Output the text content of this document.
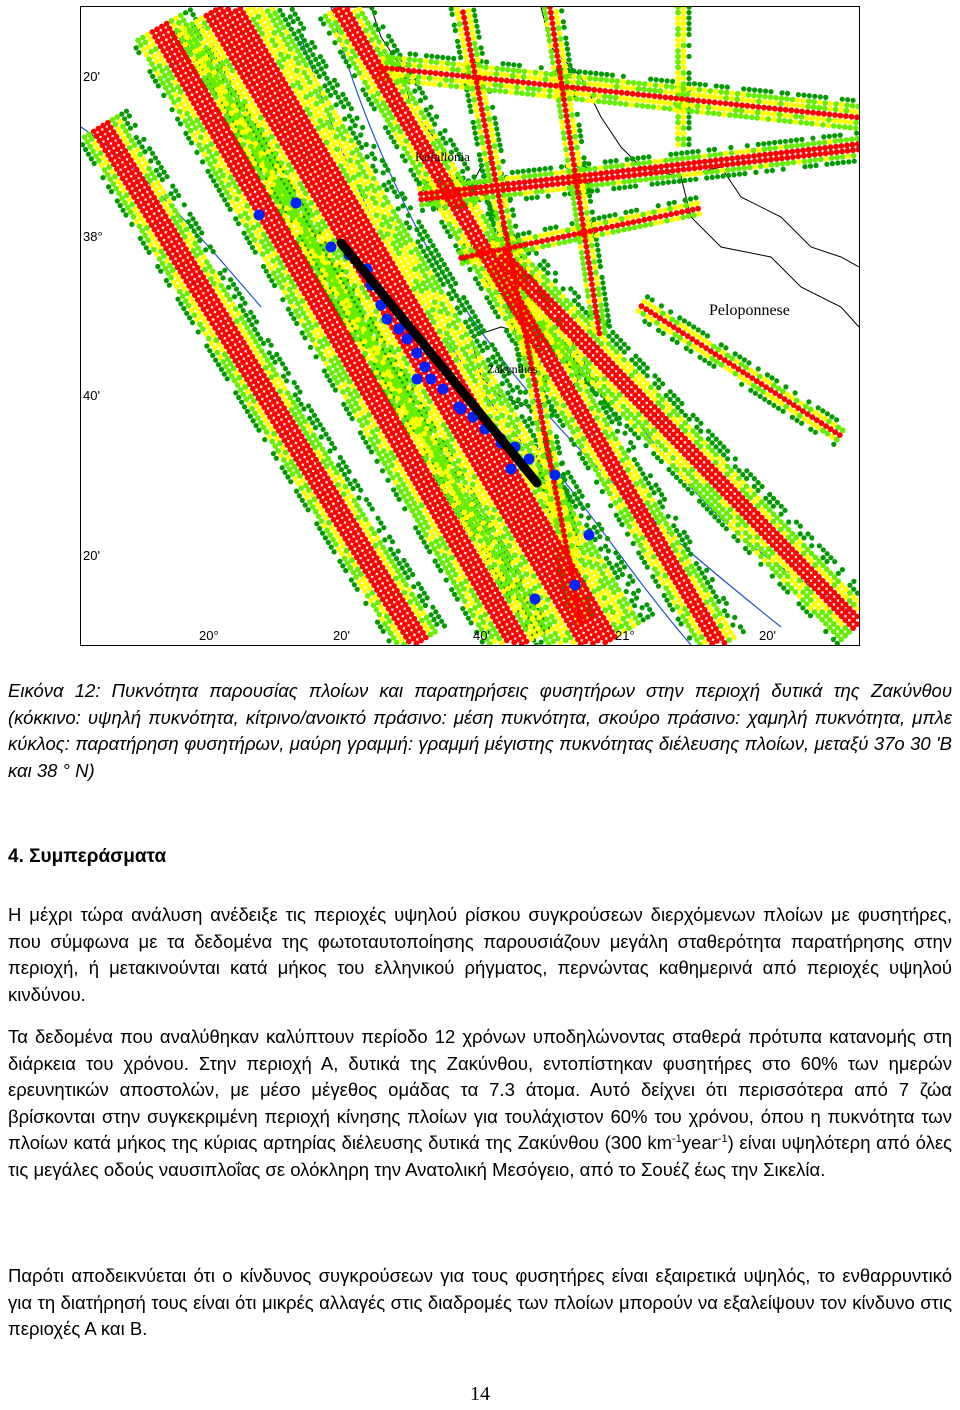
Kefallonia
Peloponnese
Zakynthos
20'
38°
40'
20'
20°	20'	40'	21°	20'
Εικόνα 12: Πυκνότητα παρουσίας πλοίων και παρατηρήσεις φυσητήρων στην περιοχή δυτικά της Ζακύνθου (κόκκινο: υψηλή πυκνότητα, κίτρινο/ανοικτό πράσινο: μέση πυκνότητα, σκούρο πράσινο: χαμηλή πυκνότητα, μπλε κύκλος: παρατήρηση φυσητήρων, μαύρη γραμμή: γραμμή μέγιστης πυκνότητας διέλευσης πλοίων, μεταξύ 37ο 30 'Β και 38 ° Ν)
4. Συμπεράσματα
Η μέχρι τώρα ανάλυση ανέδειξε τις περιοχές υψηλού ρίσκου συγκρούσεων διερχόμενων πλοίων με φυσητήρες, που σύμφωνα με τα δεδομένα της φωτοταυτοποίησης παρουσιάζουν μεγάλη σταθερότητα παρατήρησης στην περιοχή, ή μετακινούνται κατά μήκος του ελληνικού ρήγματος, περνώντας καθημερινά από περιοχές υψηλού κινδύνου.
Τα δεδομένα που αναλύθηκαν καλύπτουν περίοδο 12 χρόνων υποδηλώνοντας σταθερά πρότυπα κατανομής στη διάρκεια του χρόνου. Στην περιοχή Α, δυτικά της Ζακύνθου, εντοπίστηκαν φυσητήρες στο 60% των ημερών ερευνητικών αποστολών, με μέσο μέγεθος ομάδας τα 7.3 άτομα. Αυτό δείχνει ότι περισσότερα από 7 ζώα βρίσκονται στην συγκεκριμένη περιοχή κίνησης πλοίων για τουλάχιστον 60% του χρόνου, όπου η πυκνότητα των πλοίων κατά μήκος της κύριας αρτηρίας διέλευσης δυτικά της Ζακύνθου (300 $km^{-1}year^{-1}$) είναι υψηλότερη από όλες τις μεγάλες οδούς ναυσιπλοΐας σε ολόκληρη την Ανατολική Μεσόγειο, από το Σουέζ έως την Σικελία.
Παρότι αποδεικνύεται ότι ο κίνδυνος συγκρούσεων για τους φυσητήρες είναι εξαιρετικά υψηλός, το ενθαρρυντικό για τη διατήρησή τους είναι ότι μικρές αλλαγές στις διαδρομές των πλοίων μπορούν να εξαλείψουν τον κίνδυνο στις περιοχές Α και Β.
14
